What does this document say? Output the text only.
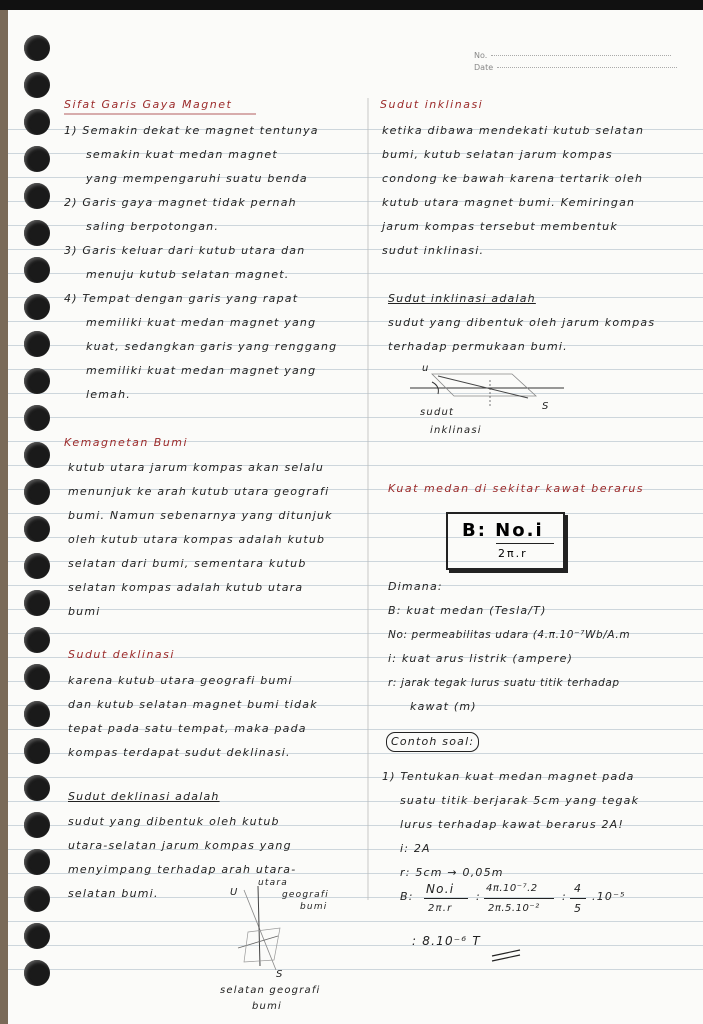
No.
Date
Sifat Garis Gaya Magnet
1) Semakin dekat ke magnet tentunya
semakin kuat medan magnet
yang mempengaruhi suatu benda
2) Garis gaya magnet tidak pernah
saling berpotongan.
3) Garis keluar dari kutub utara dan
menuju kutub selatan magnet.
4) Tempat dengan garis yang rapat
memiliki kuat medan magnet yang
kuat, sedangkan garis yang renggang
memiliki kuat medan magnet yang
lemah.
Kemagnetan Bumi
kutub utara jarum kompas akan selalu
menunjuk ke arah kutub utara geografi
bumi. Namun sebenarnya yang ditunjuk
oleh kutub utara kompas adalah kutub
selatan dari bumi, sementara kutub
selatan kompas adalah kutub utara
bumi
Sudut deklinasi
karena kutub utara geografi bumi
dan kutub selatan magnet bumi tidak
tepat pada satu tempat, maka pada
kompas terdapat sudut deklinasi.
Sudut deklinasi adalah
sudut yang dibentuk oleh kutub
utara-selatan jarum kompas yang
menyimpang terhadap arah utara-
selatan bumi.
Sudut inklinasi
ketika dibawa mendekati kutub selatan
bumi, kutub selatan jarum kompas
condong ke bawah karena tertarik oleh
kutub utara magnet bumi. Kemiringan
jarum kompas tersebut membentuk
sudut inklinasi.
Sudut inklinasi adalah
sudut yang dibentuk oleh jarum kompas
terhadap permukaan bumi.
u
S
sudut
inklinasi
Kuat medan di sekitar kawat berarus
B: No.i
2π.r
Dimana:
B: kuat medan (Tesla/T)
No: permeabilitas udara (4.π.10⁻⁷Wb/A.m
i: kuat arus listrik (ampere)
r: jarak tegak lurus suatu titik terhadap
kawat (m)
Contoh soal:
1) Tentukan kuat medan magnet pada
suatu titik berjarak 5cm yang tegak
lurus terhadap kawat berarus 2A!
i: 2A
r: 5cm → 0,05m
B:
No.i
2π.r
:
4π.10⁻⁷.2
2π.5.10⁻²
:
4
5
.10⁻⁵
: 8.10⁻⁶ T
U
utara
geografi
bumi
S
selatan geografi
bumi
